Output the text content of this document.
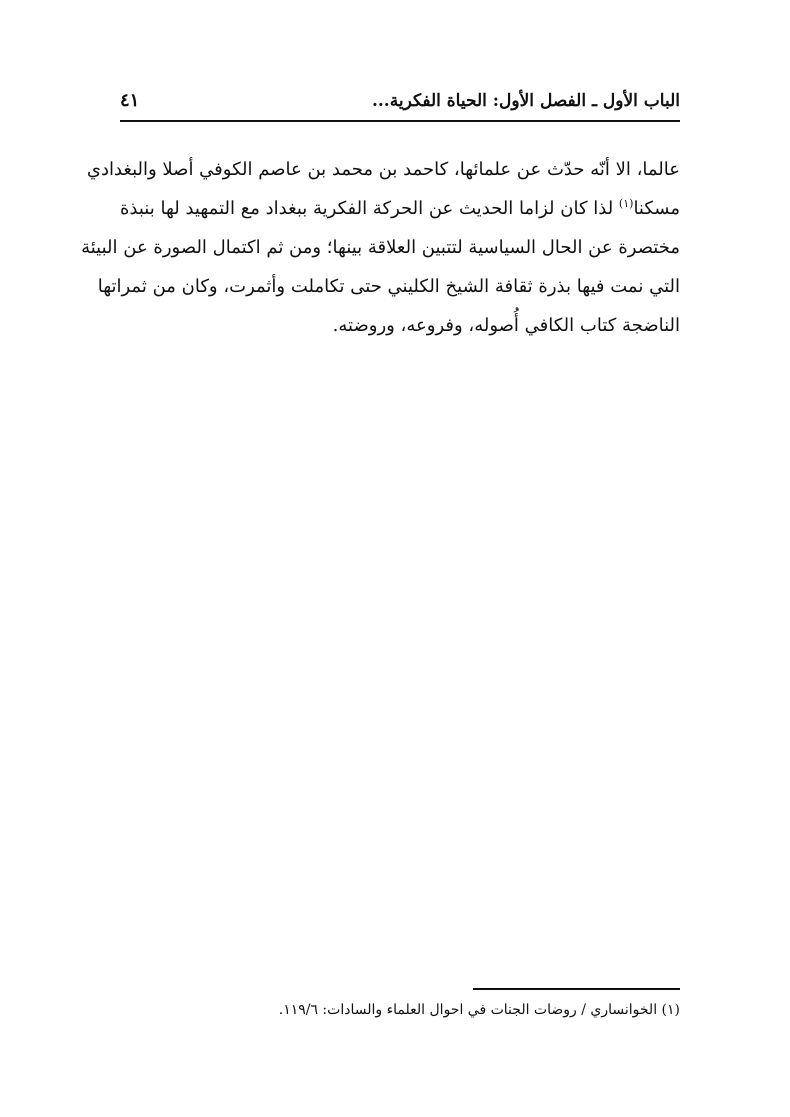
الباب الأول ـ الفصل الأول: الحياة الفكرية...
٤١
عالما، الا أنّه حدّث عن علمائها، كاحمد بن محمد بن عاصم الكوفي أصلا والبغدادي
مسكنا$^{(١)}$ لذا كان لزاما الحديث عن الحركة الفكرية ببغداد مع التمهيد لها بنبذة
مختصرة عن الحال السياسية لتتبين العلاقة بينها؛ ومن ثم اكتمال الصورة عن البيئة
التي نمت فيها بذرة ثقافة الشيخ الكليني حتى تكاملت وأثمرت، وكان من ثمراتها
الناضجة كتاب الكافي أُصوله، وفروعه، وروضته.
(١) الخوانساري / روضات الجنات في احوال العلماء والسادات: ١١٩/٦.
